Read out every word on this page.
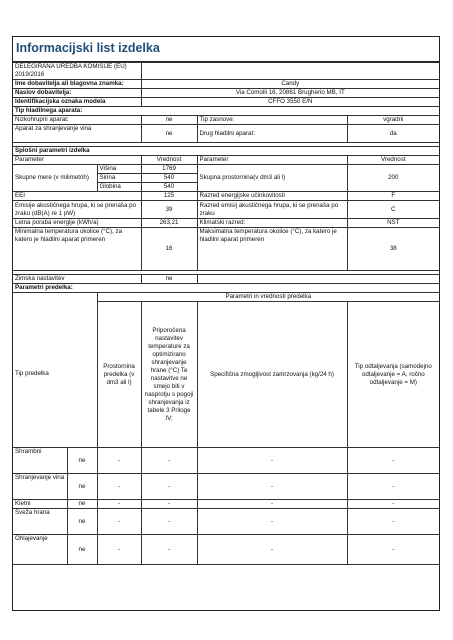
Informacijski list izdelka
DELEGIRANA UREDBA KOMISIJE (EU) 2019/2016					
Ime dobavitelja ali blagovna znamka:			Candy		
Naslov dobavitelja:			Via Comolli 16, 20861 Brugherio MB, IT		
Identifikacijska oznaka modela			CFFO 3550 E/N		
Tip hladilnega aparata:					
Nizkohrupni aparat:			ne	Tip zasnove:	vgradni
Aparat za shranjevanje vina			ne	Drug hladilni aparat:	da

Splošni parametri izdelka					
Parameter			Vrednost	Parameter	Vrednost
Skupne mere (v milimetrih)		Višina	1769	Skupna prostornina(v dm3 ali l)	200
		Širina	540		
		Globina	540		
EEI			125	Razred energijske učinkovitosti	F
Emisije akustičnega hrupa, ki se prenaša po zraku (dB(A) re 1 pW)			39	Razred emisij akustičnega hrupa, ki se prenaša po zraku	C
Letna poraba energije (kWh/a)			263,21	Klimatski razred:	NST
Minimalna temperatura okolice (°C), za katero je hladilni aparat primeren			16	Maksimalna temperatura okolice (°C), za katero je hladilni aparat primeren	38

Zimska nastavitev			ne		
Parametri predelka:					
		Parametri in vrednosti predelka			
Tip predelka		Prostornina predelka (v dm3 ali l)	Priporočena nastavitev temperature za optimizirano shranjevanje hrane (°C) Te nastavitve ne smejo biti v nasprotju s pogoji shranjevanja iz tabele 3 Priloge IV;	Specifična zmogljivost zamrzovanja (kg/24 h)	Tip odtaljevanja (samodejno odtaljevanje = A, ročno odtaljevanje = M)
Shrambni	ne	-	-	-	-
Shranjevanje vina	ne	-	-	-	-
Kletni	ne	-	-	-	-
Sveža hrana	ne	-	-	-	-
Ohlajevanje	ne	-	-	-	-
